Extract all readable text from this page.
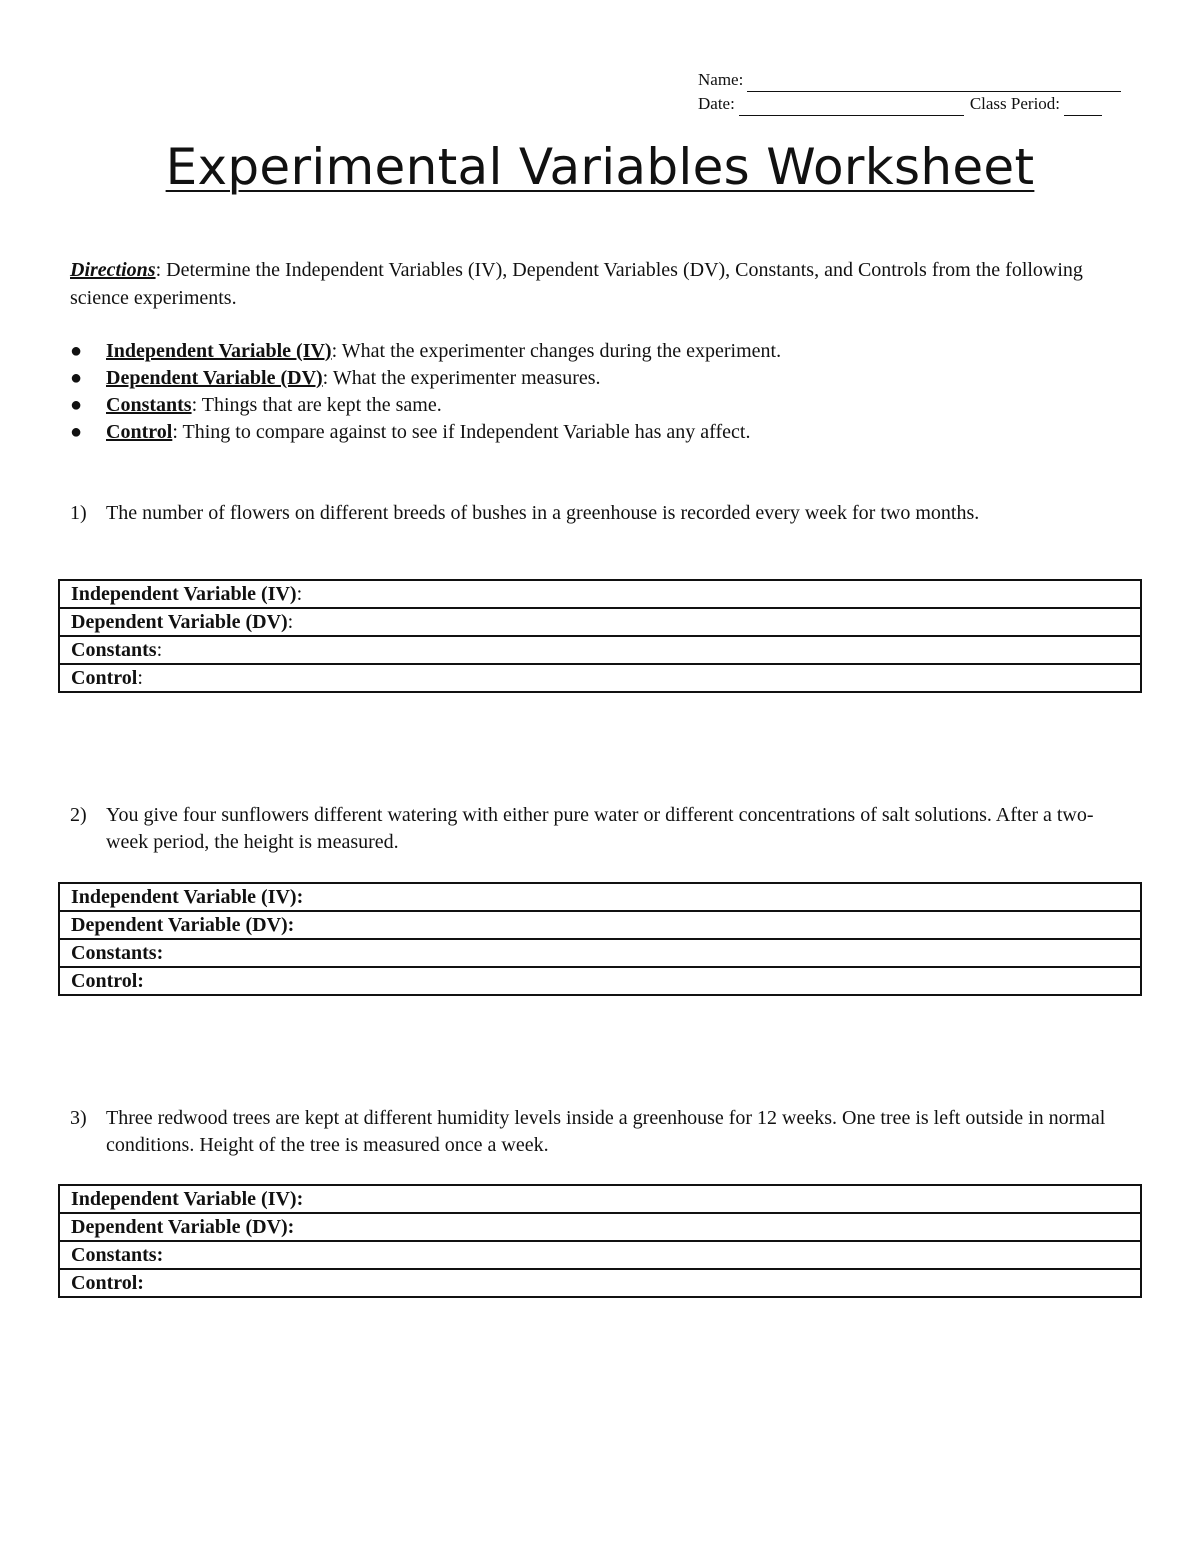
Name:
Date:	Class Period:
Experimental Variables Worksheet
Directions: Determine the Independent Variables (IV), Dependent Variables (DV), Constants, and Controls from the following science experiments.
● Independent Variable (IV): What the experimenter changes during the experiment.
● Dependent Variable (DV): What the experimenter measures.
● Constants: Things that are kept the same.
● Control: Thing to compare against to see if Independent Variable has any affect.
1) The number of flowers on different breeds of bushes in a greenhouse is recorded every week for two months.
Independent Variable (IV):
Dependent Variable (DV):
Constants:
Control:
2) You give four sunflowers different watering with either pure water or different concentrations of salt solutions. After a two-week period, the height is measured.
Independent Variable (IV):
Dependent Variable (DV):
Constants:
Control:
3) Three redwood trees are kept at different humidity levels inside a greenhouse for 12 weeks. One tree is left outside in normal conditions. Height of the tree is measured once a week.
Independent Variable (IV):
Dependent Variable (DV):
Constants:
Control:
